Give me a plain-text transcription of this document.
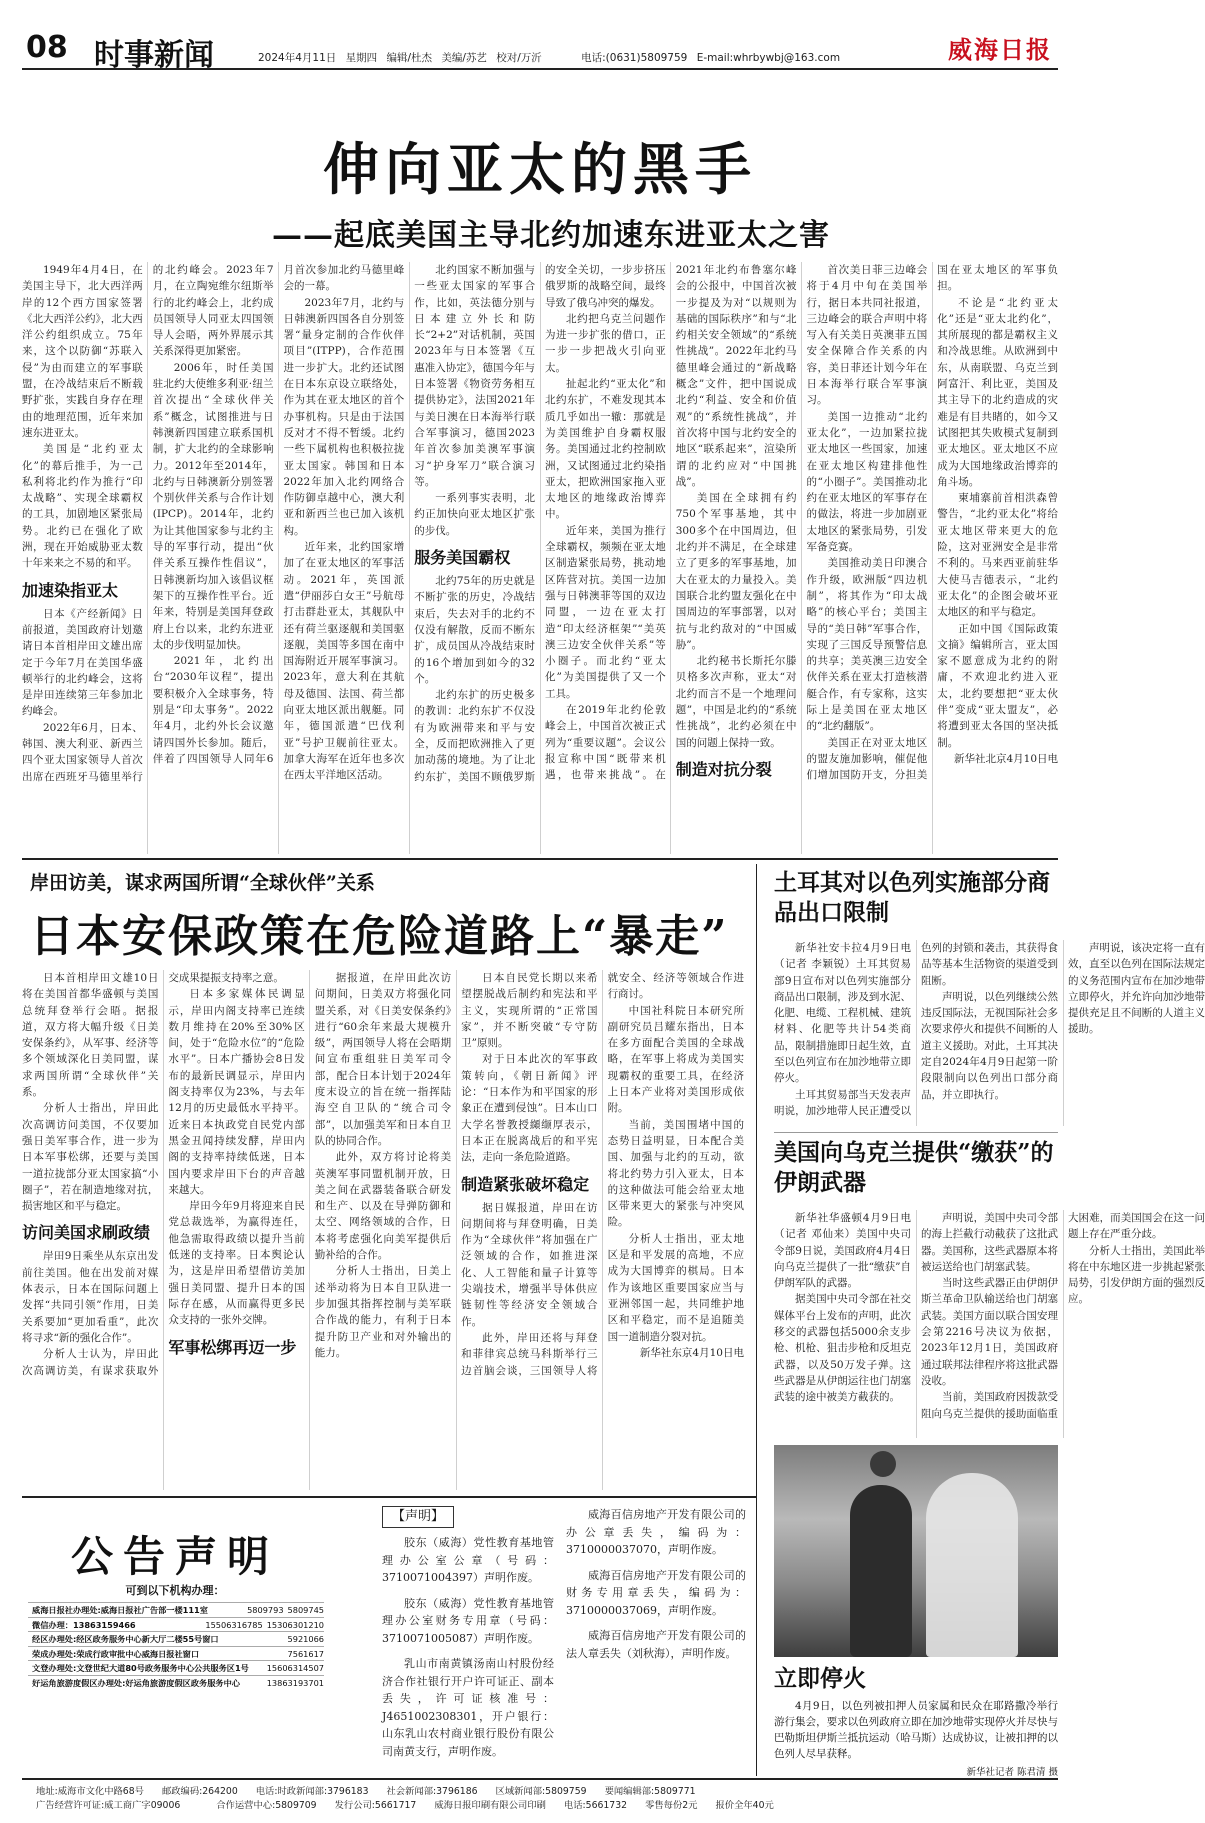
08 时事新闻	2024年4月11日 星期四 编辑/杜杰 美编/苏艺 校对/万沂	电话:(0631)5809759 E-mail:whrbywbj@163.com	威海日报
伸向亚太的黑手
——起底美国主导北约加速东进亚太之害

1949年4月4日，在美国主导下，北大西洋两岸的12个西方国家签署《北大西洋公约》，北大西洋公约组织成立。75年来，这个以防御“苏联入侵”为由而建立的军事联盟，在冷战结束后不断载野扩张，实践自身存在理由的地理范围，近年来加速东进亚太。

美国是“北约亚太化”的幕后推手，为一己私利将北约作为推行“印太战略”、实现全球霸权的工具，加剧地区紧张局势。北约已在强化了欧洲，现在开始威胁亚太数十年来来之不易的和平。

加速染指亚太

日本《产经新闻》日前报道，美国政府计划邀请日本首相岸田文雄出席定于今年7月在美国华盛顿举行的北约峰会，这将是岸田连续第三年参加北约峰会。

2022年6月，日本、韩国、澳大利亚、新西兰四个亚太国家领导人首次出席在西班牙马德里举行的北约峰会。2023年7月，在立陶宛维尔纽斯举行的北约峰会上，北约成员国领导人同亚太四国领导人会晤，两外界展示其关系深得更加紧密。

2006年，时任美国驻北约大使维多利亚·纽兰首次提出“全球伙伴关系”概念，试图推进与日韩澳新四国建立联系国机制，扩大北约的全球影响力。2012年至2014年，北约与日韩澳新分别签署个别伙伴关系与合作计划(IPCP)。2014年，北约为让其他国家参与北约主导的军事行动，提出“伙伴关系互操作性倡议”，日韩澳新均加入该倡议框架下的互操作性平台。近年来，特别是美国拜登政府上台以来，北约东进亚太的步伐明显加快。

2021年，北约出台“2030年议程”，提出要积极介入全球事务，特别是“印太事务”。2022年4月，北约外长会议邀请四国外长参加。随后，伴着了四国领导人同年6月首次参加北约马德里峰会的一幕。

2023年7月，北约与日韩澳新四国各自分别签署“量身定制的合作伙伴项目”(ITPP)，合作范围进一步扩大。北约还试图在日本东京设立联络处，作为其在亚太地区的首个办事机构。只是由于法国反对才不得不暂缓。北约一些下属机构也积极拉拢亚太国家。韩国和日本2022年加入北约网络合作防御卓越中心，澳大利亚和新西兰也已加入该机构。

近年来，北约国家增加了在亚太地区的军事活动。2021年，英国派遣“伊丽莎白女王”号航母打击群赴亚太，其舰队中还有荷兰驱逐舰和美国驱逐舰，美国等多国在南中国海附近开展军事演习。2023年，意大利在其航母及德国、法国、荷兰都向亚太地区派出舰艇。同年，德国派遣“巴伐利亚”号护卫舰前往亚太。加拿大海军在近年也多次在西太平洋地区活动。

北约国家不断加强与一些亚太国家的军事合作，比如，英法德分别与日本建立外长和防长“2+2”对话机制，英国2023年与日本签署《互惠准入协定》，德国今年与日本签署《物资劳务相互提供协定》，法国2021年与美日澳在日本海举行联合军事演习，德国2023年首次参加美澳军事演习“护身军刀”联合演习等。

一系列事实表明，北约正加快向亚太地区扩张的步伐。

服务美国霸权

北约75年的历史就是不断扩张的历史，冷战结束后，失去对手的北约不仅没有解散，反而不断东扩，成员国从冷战结束时的16个增加到如今的32个。

北约东扩的历史极多的教训：北约东扩不仅没有为欧洲带来和平与安全，反而把欧洲推入了更加动荡的境地。为了让北约东扩，美国不顾俄罗斯的安全关切，一步步挤压俄罗斯的战略空间，最终导致了俄乌冲突的爆发。

北约把乌克兰问题作为进一步扩张的借口，正一步一步把战火引向亚太。

扯起北约“亚太化”和北约东扩，不难发现其本质几乎如出一辙：那就是为美国维护自身霸权服务。美国通过北约控制欧洲，又试图通过北约染指亚太，把欧洲国家拖入亚太地区的地缘政治博弈中。

近年来，美国为推行全球霸权，频频在亚太地区制造紧张局势，挑动地区阵营对抗。美国一边加强与日韩澳菲等国的双边同盟，一边在亚太打造“印太经济框架”“美英澳三边安全伙伴关系”等小圈子。而北约“亚太化”为美国提供了又一个工具。

在2019年北约伦敦峰会上，中国首次被正式列为“重要议题”。会议公报宣称中国“既带来机遇，也带来挑战”。在2021年北约布鲁塞尔峰会的公报中，中国首次被一步提及为对“以规则为基础的国际秩序”和与“北约相关安全领域”的“系统性挑战”。2022年北约马德里峰会通过的“新战略概念”文件，把中国说成北约“利益、安全和价值观”的“系统性挑战”，并首次将中国与北约安全的地区“联系起来”，渲染所谓的北约应对“中国挑战”。

美国在全球拥有约750个军事基地，其中300多个在中国周边，但北约并不满足，在全球建立了更多的军事基地，加大在亚太的力量投入。美国联合北约盟友强化在中国周边的军事部署，以对抗与北约敌对的“中国威胁”。

北约秘书长斯托尔滕贝格多次声称，亚太“对北约而言不是一个地理问题”，中国是北约的“系统性挑战”，北约必须在中国的问题上保持一致。

制造对抗分裂

首次美日菲三边峰会将于4月中旬在美国举行，据日本共同社报道，三边峰会的联合声明中将写入有关美日英澳菲五国安全保障合作关系的内容，美日菲还计划今年在日本海举行联合军事演习。

美国一边推动“北约亚太化”，一边加紧拉拢亚太地区一些国家，加速在亚太地区构建排他性的“小圈子”。美国推动北约在亚太地区的军事存在的做法，将进一步加剧亚太地区的紧张局势，引发军备竞赛。

美国推动美日印澳合作升级，欧洲版“四边机制”，将其作为“印太战略”的核心平台；美国主导的“美日韩”军事合作，实现了三国反导预警信息的共享；美英澳三边安全伙伴关系在亚太打造核潜艇合作，有专家称，这实际上是美国在亚太地区的“北约翻版”。

美国正在对亚太地区的盟友施加影响，催促他们增加国防开支，分担美国在亚太地区的军事负担。

不论是“北约亚太化”还是“亚太北约化”，其所展现的都是霸权主义和冷战思维。从欧洲到中东，从南联盟、乌克兰到阿富汗、利比亚，美国及其主导下的北约造成的灾难是有目共睹的，如今又试图把其失败模式复制到亚太地区。亚太地区不应成为大国地缘政治博弈的角斗场。

柬埔寨前首相洪森曾警告，“北约亚太化”将给亚太地区带来更大的危险，这对亚洲安全是非常不利的。马来西亚前驻华大使马吉德表示，“北约亚太化”的企图会破坏亚太地区的和平与稳定。

正如中国《国际政策文摘》编辑所言，亚太国家不愿意成为北约的附庸，不欢迎北约进入亚太，北约要想把“亚太伙伴”变成“亚太盟友”，必将遭到亚太各国的坚决抵制。

新华社北京4月10日电

岸田访美，谋求两国所谓“全球伙伴”关系
日本安保政策在危险道路上“暴走”

日本首相岸田文雄10日将在美国首都华盛顿与美国总统拜登举行会晤。据报道，双方将大幅升级《日美安保条约》，从军事、经济等多个领域深化日美同盟，谋求两国所谓“全球伙伴”关系。

分析人士指出，岸田此次高调访问美国，不仅要加强日美军事合作，进一步为日本军事松绑，还要与美国一道拉拢部分亚太国家搞“小圈子”，若在制造地缘对抗，损害地区和平与稳定。

访问美国求刷政绩

岸田9日乘坐从东京出发前往美国。他在出发前对媒体表示，日本在国际问题上发挥“共同引领”作用，日美关系要加“更加看重”，此次将寻求“新的强化合作”。

分析人士认为，岸田此次高调访美，有谋求获取外交成果提振支持率之意。

日本多家媒体民调显示，岸田内阁支持率已连续数月维持在20%至30%区间，处于“危险水位”的“危险水平”。日本广播协会8日发布的最新民调显示，岸田内阁支持率仅为23%，与去年12月的历史最低水平持平。近来日本执政党自民党内部黑金丑闻持续发酵，岸田内阁的支持率持续低迷，日本国内要求岸田下台的声音越来越大。

岸田今年9月将迎来自民党总裁选举，为赢得连任，他急需取得政绩以提升当前低迷的支持率。日本舆论认为，这是岸田希望借访美加强日美同盟、提升日本的国际存在感，从而赢得更多民众支持的一张外交牌。

军事松绑再迈一步

据报道，在岸田此次访问期间，日美双方将强化同盟关系，对《日美安保条约》进行“60余年来最大规模升级”，两国领导人将在会晤期间宣布重组驻日美军司令部，配合日本计划于2024年度末设立的旨在统一指挥陆海空自卫队的“统合司令部”，以加强美军和日本自卫队的协同合作。

此外，双方将讨论将美英澳军事同盟机制开放，日美之间在武器装备联合研发和生产、以及在导弹防御和太空、网络领域的合作，日本将考虑强化向美军提供后勤补给的合作。

分析人士指出，日美上述举动将为日本自卫队进一步加强其指挥控制与美军联合作战的能力，有利于日本提升防卫产业和对外输出的能力。

日本自民党长期以来希望摆脱战后制约和宪法和平主义，实现所谓的“正常国家”，并不断突破“专守防卫”原则。

对于日本此次的军事政策转向，《朝日新闻》评论：“日本作为和平国家的形象正在遭到侵蚀”。日本山口大学名誉教授纐缬厚表示，日本正在脱离战后的和平宪法，走向一条危险道路。

制造紧张破坏稳定

据日媒报道，岸田在访问期间将与拜登明确，日美作为“全球伙伴”将加强在广泛领域的合作，如推进深化、人工智能和量子计算等尖端技术，增强半导体供应链韧性等经济安全领域合作。

此外，岸田还将与拜登和菲律宾总统马科斯举行三边首脑会谈，三国领导人将就安全、经济等领域合作进行商讨。

中国社科院日本研究所副研究员吕耀东指出，日本在多方面配合美国的全球战略，在军事上将成为美国实现霸权的重要工具，在经济上日本产业将对美国形成依附。

当前，美国围堵中国的态势日益明显，日本配合美国、加强与北约的互动，欲将北约势力引入亚太，日本的这种做法可能会给亚太地区带来更大的紧张与冲突风险。

分析人士指出，亚太地区是和平发展的高地，不应成为大国博弈的棋局。日本作为该地区重要国家应当与亚洲邻国一起，共同维护地区和平稳定，而不是追随美国一道制造分裂对抗。

新华社东京4月10日电

土耳其对以色列实施部分商品出口限制

新华社安卡拉4月9日电（记者 李颖锐）土耳其贸易部9日宣布对以色列实施部分商品出口限制，涉及到水泥、化肥、电缆、工程机械、建筑材料、化肥等共计54类商品，限制措施即日起生效，直至以色列宣布在加沙地带立即停火。

土耳其贸易部当天发表声明说，加沙地带人民正遭受以色列的封锁和袭击，其获得食品等基本生活物资的渠道受到阻断。

声明说，以色列继续公然违反国际法，无视国际社会多次要求停火和提供不间断的人道主义援助。对此，土耳其决定自2024年4月9日起第一阶段限制向以色列出口部分商品，并立即执行。

声明说，该决定将一直有效，直至以色列在国际法规定的义务范围内宣布在加沙地带立即停火，并允许向加沙地带提供充足且不间断的人道主义援助。

美国向乌克兰提供“缴获”的伊朗武器

新华社华盛顿4月9日电（记者 邓仙来）美国中央司令部9日说，美国政府4月4日向乌克兰提供了一批“缴获”自伊朗军队的武器。

据美国中央司令部在社交媒体平台上发布的声明，此次移交的武器包括5000余支步枪、机枪、狙击步枪和反坦克武器，以及50万发子弹。这些武器是从伊朗运往也门胡塞武装的途中被美方截获的。

声明说，美国中央司令部的海上拦截行动截获了这批武器。美国称，这些武器原本将被运送给也门胡塞武装。

当时这些武器正由伊朗伊斯兰革命卫队输送给也门胡塞武装。美国方面以联合国安理会第2216号决议为依据，2023年12月1日，美国政府通过联邦法律程序将这批武器没收。

当前，美国政府因拨款受阻向乌克兰提供的援助面临重大困难，而美国国会在这一问题上存在严重分歧。

分析人士指出，美国此举将在中东地区进一步挑起紧张局势，引发伊朗方面的强烈反应。

立即停火
4月9日，以色列被扣押人员家属和民众在耶路撒冷举行游行集会，要求以色列政府立即在加沙地带实现停火并尽快与巴勒斯坦伊斯兰抵抗运动（哈马斯）达成协议，让被扣押的以色列人尽早获释。
新华社记者 陈君清 摄
公告声明
可到以下机构办理：
威海日报社办理处:威海日报社广告部一楼111室	5809793 5809745
微信办理：13863159466	15506316785 15306301210
经区办理处:经区政务服务中心新大厅二楼55号窗口	5921066
荣成办理处:荣成行政审批中心威海日报社窗口	7561617
文登办理处:文登世纪大道80号政务服务中心公共服务区1号	15606314507
好运角旅游度假区办理处:好运角旅游度假区政务服务中心	13863193701
【声明】

胶东（威海）党性教育基地管理办公室公章（号码：3710071004397）声明作废。

胶东（威海）党性教育基地管理办公室财务专用章（号码：3710071005087）声明作废。

乳山市南黄镇汤南山村股份经济合作社银行开户许可证正、副本丢失，许可证核准号：J4651002308301，开户银行：山东乳山农村商业银行股份有限公司南黄支行，声明作废。

威海百信房地产开发有限公司的办公章丢失，编码为：3710000037070，声明作废。

威海百信房地产开发有限公司的财务专用章丢失，编码为：3710000037069，声明作废。

威海百信房地产开发有限公司的法人章丢失（刘秋海），声明作废。

地址:威海市文化中路68号 邮政编码:264200 电话:时政新闻部:3796183 社会新闻部:3796186 区域新闻部:5809759 要闻编辑部:5809771
广告经营许可证:威工商广字09006	合作运营中心:5809709 发行公司:5661717 威海日报印刷有限公司印刷 电话:5661732 零售每份2元 报价全年40元
